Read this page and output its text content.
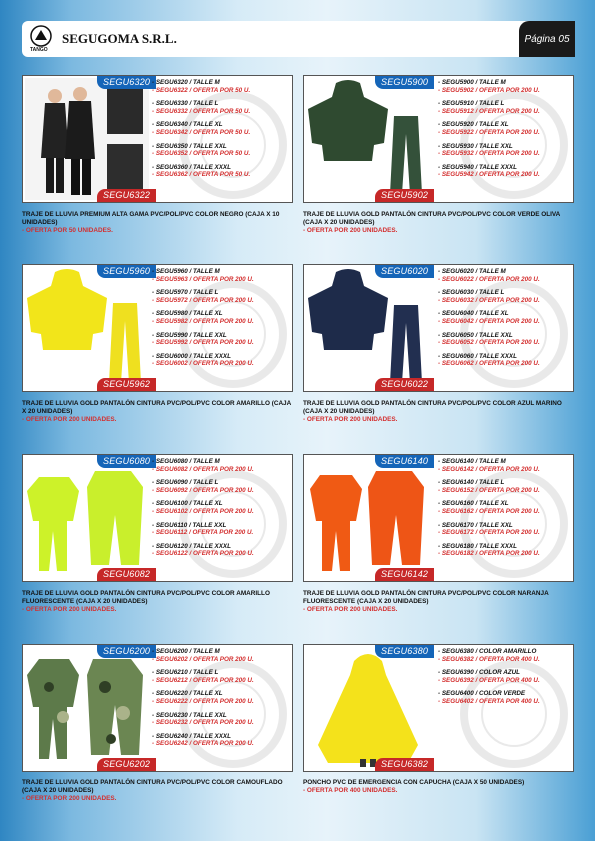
TANGO
SEGUGOMA S.R.L.	Página 05
SEGU6320
SEGU6322
- SEGU6320 / TALLE M
- SEGU6322 / OFERTA POR 50 U.
- SEGU6330 / TALLE L
- SEGU6332 / OFERTA POR 50 U.
- SEGU6340 / TALLE XL
- SEGU6342 / OFERTA POR 50 U.
- SEGU6350 / TALLE XXL
- SEGU6352 / OFERTA POR 50 U.
- SEGU6360 / TALLE XXXL
- SEGU6362 / OFERTA POR 50 U.
TRAJE DE LLUVIA PREMIUM ALTA GAMA PVC/POL/PVC COLOR NEGRO (CAJA X 10 UNIDADES)
- OFERTA POR 50 UNIDADES.
SEGU5900
SEGU5902
- SEGU5900 / TALLE M
- SEGU5902 / OFERTA POR 200 U.
- SEGU5910 / TALLE L
- SEGU5912 / OFERTA POR 200 U.
- SEGU5920 / TALLE XL
- SEGU5922 / OFERTA POR 200 U.
- SEGU5930 / TALLE XXL
- SEGU5932 / OFERTA POR 200 U.
- SEGU5940 / TALLE XXXL
- SEGU5942 / OFERTA POR 200 U.
TRAJE DE LLUVIA GOLD PANTALÓN CINTURA PVC/POL/PVC COLOR VERDE OLIVA (CAJA X 20 UNIDADES)
- OFERTA POR 200 UNIDADES.
SEGU5960
SEGU5962
- SEGU5960 / TALLE M
- SEGU5963 / OFERTA POR 200 U.
- SEGU5970 / TALLE L
- SEGU5972 / OFERTA POR 200 U.
- SEGU5980 / TALLE XL
- SEGU5982 / OFERTA POR 200 U.
- SEGU5990 / TALLE XXL
- SEGU5992 / OFERTA POR 200 U.
- SEGU6000 / TALLE XXXL
- SEGU6002 / OFERTA POR 200 U.
TRAJE DE LLUVIA GOLD PANTALÓN CINTURA PVC/POL/PVC COLOR AMARILLO (CAJA X 20 UNIDADES)
- OFERTA POR 200 UNIDADES.
SEGU6020
SEGU6022
- SEGU6020 / TALLE M
- SEGU6022 / OFERTA POR 200 U.
- SEGU6030 / TALLE L
- SEGU6032 / OFERTA POR 200 U.
- SEGU6040 / TALLE XL
- SEGU6042 / OFERTA POR 200 U.
- SEGU6050 / TALLE XXL
- SEGU6052 / OFERTA POR 200 U.
- SEGU6060 / TALLE XXXL
- SEGU6062 / OFERTA POR 200 U.
TRAJE DE LLUVIA GOLD PANTALÓN CINTURA PVC/POL/PVC COLOR AZUL MARINO (CAJA X 20 UNIDADES)
- OFERTA POR 200 UNIDADES.
SEGU6080
SEGU6082
- SEGU6080 / TALLE M
- SEGU6082 / OFERTA POR 200 U.
- SEGU6090 / TALLE L
- SEGU6092 / OFERTA POR 200 U.
- SEGU6100 / TALLE XL
- SEGU6102 / OFERTA POR 200 U.
- SEGU6110 / TALLE XXL
- SEGU6112 / OFERTA POR 200 U.
- SEGU6120 / TALLE XXXL
- SEGU6122 / OFERTA POR 200 U.
TRAJE DE LLUVIA GOLD PANTALÓN CINTURA PVC/POL/PVC COLOR AMARILLO FLUORESCENTE (CAJA X 20 UNIDADES)
- OFERTA POR 200 UNIDADES.
SEGU6140
SEGU6142
- SEGU6140 / TALLE M
- SEGU6142 / OFERTA POR 200 U.
- SEGU6140 / TALLE L
- SEGU6152 / OFERTA POR 200 U.
- SEGU6160 / TALLE XL
- SEGU6162 / OFERTA POR 200 U.
- SEGU6170 / TALLE XXL
- SEGU6172 / OFERTA POR 200 U.
- SEGU6180 / TALLE XXXL
- SEGU6182 / OFERTA POR 200 U.
TRAJE DE LLUVIA GOLD PANTALÓN CINTURA PVC/POL/PVC COLOR NARANJA FLUORESCENTE (CAJA X 20 UNIDADES)
- OFERTA POR 200 UNIDADES.
SEGU6200
SEGU6202
- SEGU6200 / TALLE M
- SEGU6202 / OFERTA POR 200 U.
- SEGU6210 / TALLE L
- SEGU6212 / OFERTA POR 200 U.
- SEGU6220 / TALLE XL
- SEGU6222 / OFERTA POR 200 U.
- SEGU6230 / TALLE XXL
- SEGU6232 / OFERTA POR 200 U.
- SEGU6240 / TALLE XXXL
- SEGU6242 / OFERTA POR 200 U.
TRAJE DE LLUVIA GOLD PANTALÓN CINTURA PVC/POL/PVC COLOR CAMOUFLADO (CAJA X 20 UNIDADES)
- OFERTA POR 200 UNIDADES.
SEGU6380
SEGU6382
- SEGU6380 / COLOR AMARILLO
- SEGU6382 / OFERTA POR 400 U.
- SEGU6390 / COLOR AZUL
- SEGU6392 / OFERTA POR 400 U.
- SEGU6400 / COLOR VERDE
- SEGU6402 / OFERTA POR 400 U.
PONCHO PVC DE EMERGENCIA CON CAPUCHA (CAJA X 50 UNIDADES)
- OFERTA POR 400 UNIDADES.
